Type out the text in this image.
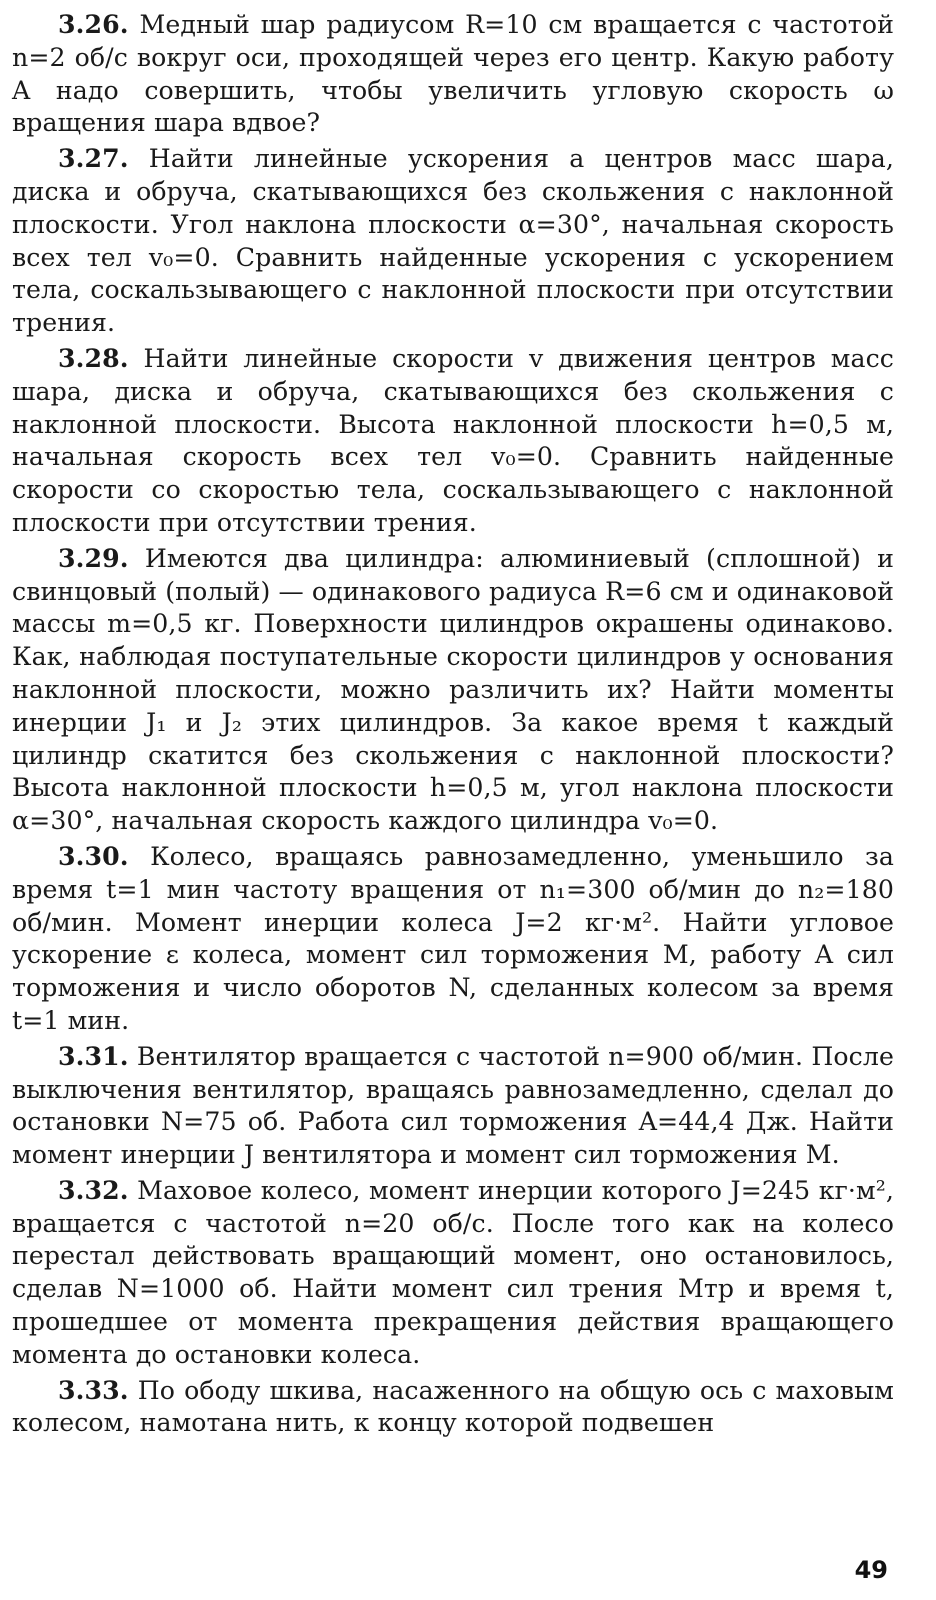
3.26. Медный шар радиусом R=10 см вращается с частотой n=2 об/с вокруг оси, проходящей через его центр. Какую работу A надо совершить, чтобы увеличить угловую скорость ω вращения шара вдвое?

3.27. Найти линейные ускорения a центров масс шара, диска и обруча, скатывающихся без скольжения с наклонной плоскости. Угол наклона плоскости α=30°, начальная скорость всех тел v₀=0. Сравнить найденные ускорения с ускорением тела, соскальзывающего с наклонной плоскости при отсутствии трения.

3.28. Найти линейные скорости v движения центров масс шара, диска и обруча, скатывающихся без скольжения с наклонной плоскости. Высота наклонной плоскости h=0,5 м, начальная скорость всех тел v₀=0. Сравнить найденные скорости со скоростью тела, соскальзывающего с наклонной плоскости при отсутствии трения.

3.29. Имеются два цилиндра: алюминиевый (сплошной) и свинцовый (полый) — одинакового радиуса R=6 см и одинаковой массы m=0,5 кг. Поверхности цилиндров окрашены одинаково. Как, наблюдая поступательные скорости цилиндров у основания наклонной плоскости, можно различить их? Найти моменты инерции J₁ и J₂ этих цилиндров. За какое время t каждый цилиндр скатится без скольжения с наклонной плоскости? Высота наклонной плоскости h=0,5 м, угол наклона плоскости α=30°, начальная скорость каждого цилиндра v₀=0.

3.30. Колесо, вращаясь равнозамедленно, уменьшило за время t=1 мин частоту вращения от n₁=300 об/мин до n₂=180 об/мин. Момент инерции колеса J=2 кг·м². Найти угловое ускорение ε колеса, момент сил торможения M, работу A сил торможения и число оборотов N, сделанных колесом за время t=1 мин.

3.31. Вентилятор вращается с частотой n=900 об/мин. После выключения вентилятор, вращаясь равнозамедленно, сделал до остановки N=75 об. Работа сил торможения A=44,4 Дж. Найти момент инерции J вентилятора и момент сил торможения M.

3.32. Маховое колесо, момент инерции которого J=245 кг·м², вращается с частотой n=20 об/с. После того как на колесо перестал действовать вращающий момент, оно остановилось, сделав N=1000 об. Найти момент сил трения Mтр и время t, прошедшее от момента прекращения действия вращающего момента до остановки колеса.

3.33. По ободу шкива, насаженного на общую ось с маховым колесом, намотана нить, к концу которой подвешен

49
